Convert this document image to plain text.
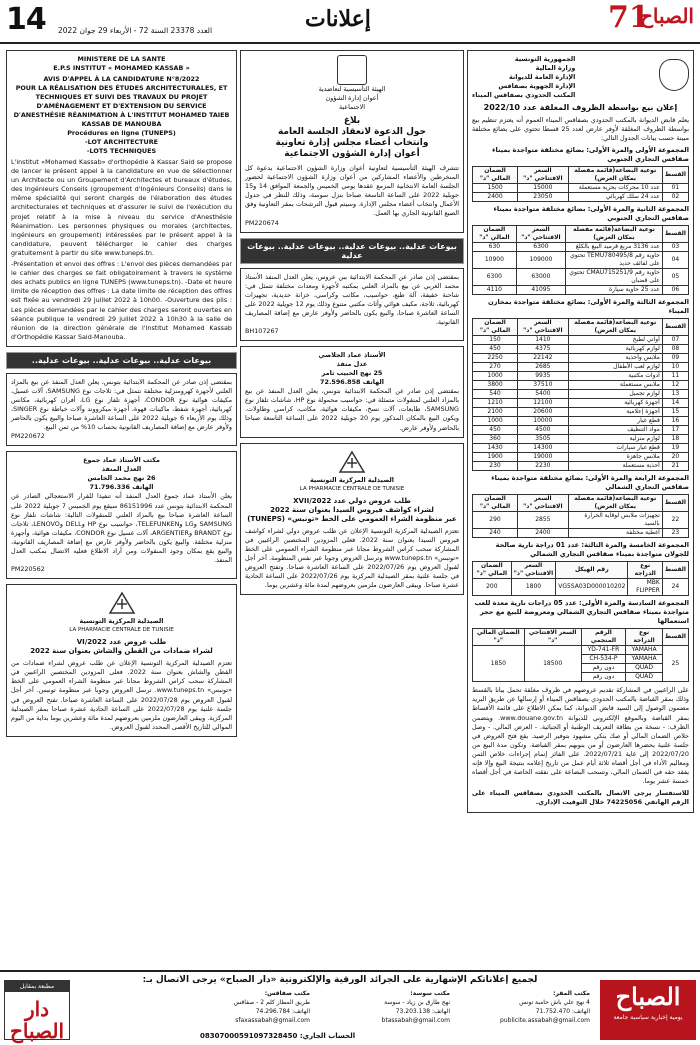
14 العدد 23378 السنة 72 - الأربعاء 29 جوان 2022	إعلانات	71
الصباح
الجمهورية التونسية
وزارة المالية
الإدارة العامة للديوانة
الإدارة الجهوية بصفاقس
المكتب الحدودي بصفاقس الميناء
إعلان بيع بواسطة الظروف المغلقة عدد 2022/10
يعلم قابض الديوانة بالمكتب الحدودي بصفاقس الميناء العموم أنه يعتزم تنظيم بيع بواسطة الظروف المغلقة لأوفر عارض لعدد 25 قسطا تحتوي على بضائع مختلفة مبينة حسب بيانات الجدول التالي:
المجموعة الأولى والمرة الأولى: بضائع مختلفة متواجدة بميناء صفاقس التجاري الجنوبي
القسط	نوعية البضاعة(قائمة مفصلة بمكان العرض)	السعر الافتتاحي "د"	الضمان المالي "د"
01	عدد 10 محركات بحرية مستعملة	15000	1500
02	عدد 24 سلك كهربائي	23050	2400
المجموعة الثانية والمرة الأولى: بضائع مختلفة متواجدة بميناء صفاقس التجاري الجنوبي
القسط	نوعية البضاعة(قائمة مفصلة بمكان العرض)	السعر الافتتاحي "د"	الضمان المالي "د"
03	عدد 3136 مربع قرميد البيع بالكلغ	6300	630
04	حاوية رقم TEMU780495/8 تحتوي على لفائف حديد	109000	10900
05	حاوية رقم CMAU715251/9 تحتوي على قضبان	63000	6300
06	عدد 25 حاوية سيارة	41095	4110
المجموعة الثالثة والمرة الأولى: بضائع مختلفة متواجدة بمخازن الميناء
القسط	نوعية البضاعة(قائمة مفصلة بمكان العرض)	السعر الافتتاحي "د"	الضمان المالي "د"
07	أواني لطبخ	1410	150
08	لوازم كهربائية	4375	450
09	ملابس وأحذية	22142	2250
10	لوازم لعب الأطفال	2685	270
11	أدوات مكتبية	9935	1000
12	ملابس مستعملة	37510	3800
13	لوازم تجميل	5400	540
14	أجهزة كهربائية	12100	1210
15	أجهزة إعلامية	20600	2100
16	قطع غيار	10000	1000
17	مواد التنظيف	4500	450
18	لوازم منزلية	3505	360
19	قطع غيار سيارات	14300	1430
20	ملابس جاهزة	19000	1900
21	أحذية مستعملة	2230	230
المجموعة الرابعة والمرة الأولى: بضائع مختلفة متواجدة بميناء صفاقس التجاري الشمالي
القسط	نوعية البضاعة(قائمة مفصلة بمكان العرض)	السعر الافتتاحي "د"	الضمان المالي "د"
22	تجهيزات ملابس لوقاية الحرارة بالسيد	2855	290
23	أغطية مختلفة	2400	240
المجموعة الخامسة والمرة الثالثة: عدد 01 دراجة نارية صالحة للجولان متواجدة بميناء صفاقس التجاري الشمالي
القسط	نوع الدراجة	رقم الهيكل	السعر الافتتاحي "د"	الضمان المالي "د"
24	MBK FLIPPER	VG5SA03D000010202	1800	200
المجموعة السادسة والمرة الأولى: عدد 05 دراجات نارية معدة للعب متواجدة بميناء صفاقس التجاري الشمالي ومعروضة للبيع مع حجر استعمالها
القسط	نوع الدراجة	الرقم المنجمي	السعر الافتتاحي "د"	الضمان المالي "د"
25	YAMAHA	YD-741-FR	18500	1850
	YAMAHA	CH-534-P		
	QUAD	دون رقم		
	QUAD	دون رقم		
على الراغبين في المشاركة تقديم عروضهم في ظروف مغلقة تحمل بيانا بالقسط وذلك بمقر القباضة بالمكتب الحدودي بصفاقس الميناء أو إرسالها عن طريق البريد مضمون الوصول إلى السيد قابض الديوانة، كما يمكن الاطلاع على قائمة الأقساط بمقر القباضة وبالموقع الإلكتروني للديوانة www.douane.gov.tn. ويتضمن الظرف: - نسخة من بطاقة التعريف الوطنية أو الجبائية. - العرض المالي. - وصل خلاص الضمان المالي أو صك بنكي مشهود بتوفير الرصيد. يقع فتح العروض في جلسة علنية يحضرها العارضون أو من ينوبهم بمقر القباضة. وتكون مدة البيع من 2022/07/20 إلى غاية 2022/07/21. على الفائز إتمام إجراءات خلاص الثمن ومعاليم الأداء في أجل أقصاه ثلاثة أيام عمل من تاريخ إعلامه بنتيجة البيع وإلا فإنه يفقد حقه في الضمان المالي، وتسحب البضاعة على نفقته الخاصة في أجل أقصاه خمسة عشر يوما.
للاستفسار يرجى الاتصال بالمكتب الحدودي بصفاقس الميناء على الرقم الهاتفي 74225056 خلال التوقيت الإداري.
الهيئة التأسيسية لتعاضدية
أعوان إدارة الشؤون
الاجتماعية
بلاغ
حول الدعوة لانعقاد الجلسة العامة
وانتخاب أعضاء مجلس إدارة تعاونية
أعوان إدارة الشؤون الاجتماعية
تتشرف الهيئة التأسيسية لتعاونية أعوان وزارة الشؤون الاجتماعية بدعوة كل المنخرطين والأعضاء المشاركين من أعوان وزارة الشؤون الاجتماعية لحضور الجلسة العامة الانتخابية المزمع عقدها يومي الخميس والجمعة الموافق 14 و15 جويلية 2022 على الساعة التاسعة صباحا بنزل سوسة، وذلك للنظر في جدول الأعمال وانتخاب أعضاء مجلس الإدارة. وسيتم قبول الترشحات بمقر التعاونية وفق الصيغ القانونية الجاري بها العمل.
PM220674
بيوعات عدلية.. بيوعات عدلية.. بيوعات عدلية.. بيوعات عدلية
بمقتضى إذن صادر عن المحكمة الابتدائية ببن عروس، يعلن العدل المنفذ الأستاذ محمد الغربي عن بيع بالمزاد العلني بمكتبه لأجهزة ومعدات مختلفة تتمثل في: شاحنة خفيفة، آلة طبع، حواسيب، مكاتب وكراسي، خزانة حديدية، تجهيزات كهربائية، ثلاجة، مكيف هوائي وأثاث مكتبي متنوع وذلك يوم 12 جويلية 2022 على الساعة العاشرة صباحا، والبيع يكون بالحاضر ولأوفر عارض مع إضافة المصاريف القانونية.
BH107267
الأستاذ عماد الجلاصي
عدل منفذ
25 نهج الحبيب ثامر
الهاتف 72.596.858
بمقتضى إذن صادر عن المحكمة الابتدائية بتونس، يعلن العدل المنفذ عن بيع بالمزاد العلني لمنقولات متمثلة في: حواسيب محمولة نوع HP، شاشات تلفاز نوع SAMSUNG، طابعات، آلات نسخ، مكيفات هوائية، مكاتب، كراسي وطاولات. ويكون البيع بالمكان المذكور يوم 20 جويلية 2022 على الساعة التاسعة صباحا بالحاضر ولأوفر عارض.
الصيدلية المركزية التونسية
LA PHARMACIE CENTRALE DE TUNISIE
طلب عروض دولي عدد 2022/XVII
لشراء كواشف فيروس السيدا بعنوان سنة 2022
عبر منظومة الشراء العمومي على الخط «تونبس» (TUNEPS)
تعتزم الصيدلية المركزية التونسية الإعلان عن طلب عروض دولي لشراء كواشف فيروس السيدا بعنوان سنة 2022. فعلى المزودين المختصين الراغبين في المشاركة سحب كراس الشروط مجانا عبر منظومة الشراء العمومي على الخط «تونبس» www.tuneps.tn وترسل العروض وجوبا عبر نفس المنظومة. آخر أجل لقبول العروض يوم 2022/07/26 على الساعة العاشرة صباحا. وتفتح العروض في جلسة علنية بمقر الصيدلية المركزية يوم 2022/07/26 على الساعة الحادية عشرة صباحا. ويبقى العارضون ملزمين بعروضهم لمدة مائة وعشرين يوما.
MINISTERE DE LA SANTE
E.P.S INSTITUT « MOHAMED KASSAB »
AVIS D'APPEL À LA CANDIDATURE N°8/2022
POUR LA RÉALISATION DES ÉTUDES ARCHITECTURALES, ET TECHNIQUES ET SUIVI DES TRAVAUX DU PROJET D'AMÉNAGEMENT ET D'EXTENSION DU SERVICE D'ANESTHÉSIE RÉANIMATION À L'INSTITUT MOHAMED TAIEB KASSAB DE MANOUBA
Procédures en ligne (TUNEPS)
-LOT ARCHITECTURE
-LOTS TECHNIQUES
L'institut «Mohamed Kassab» d'orthopédie à Kassar Said se propose de lancer le présent appel à la candidature en vue de sélectionner un Architecte ou un Groupement d'Architectes et bureaux d'études, des Ingénieurs Conseils (groupement d'Ingénieurs Conseils) dans le même spécialité qui seront chargés de l'élaboration des études architecturales et techniques et d'assurer le suivi de l'exécution du projet relatif à la mise à niveau du service d'Anesthésie Réanimation. Les personnes physiques ou morales (architectes, ingénieurs en groupement) intéressées par le présent appel à la candidature, peuvent télécharger le cahier des charges gratuitement à partir du site www.tuneps.tn.
-Présentation et envoi des offres : L'envoi des pièces demandées par le cahier des charges se fait obligatoirement à travers le système des achats publics en ligne TUNEPS (www.tuneps.tn). -Date et heure limite de réception des offres : La date limite de réception des offres est fixée au vendredi 29 juillet 2022 à 10h00. -Ouverture des plis : Les pièces demandées par le cahier des charges seront ouvertes en séance publique le vendredi 29 juillet 2022 à 10h30 à la salle de réunion de la direction générale de l'Institut Mohamed Kassab d'Orthopédie Kassar Said-Manouba.
بيوعات عدلية.. بيوعات عدلية.. بيوعات عدلية..
بمقتضى إذن صادر عن المحكمة الابتدائية بتونس، يعلن العدل المنفذ عن بيع بالمزاد العلني لأجهزة كهرومنزلية مختلفة تتمثل في: ثلاجات نوع SAMSUNG، آلات غسيل، مكيفات هوائية نوع CONDOR، أجهزة تلفاز نوع LG، أفران كهربائية، مكانس كهربائية، أجهزة شفط، ماكينات قهوة، أجهزة ميكرووند وآلات خياطة نوع SINGER، وذلك يوم الأربعاء 6 جويلية 2022 على الساعة العاشرة صباحا والبيع يكون بالحاضر ولأوفر عارض مع إضافة المصاريف القانونية بحساب 10% من ثمن البيع.
PM220672
مكتب الأستاذ عماد جموع
العدل المنفذ
26 نهج محمد الخامس
الهاتف 71.796.336
يعلن الأستاذ عماد جموع العدل المنفذ أنه تنفيذا للقرار الاستعجالي الصادر عن المحكمة الابتدائية بتونس عدد 86151996 سيقع يوم الخميس 7 جويلية 2022 على الساعة العاشرة صباحا بيع بالمزاد العلني للمنقولات التالية: شاشات تلفاز نوع SAMSUNG وLG وTELEFUNKEN، حواسيب نوع HP وDELL وLENOVO، ثلاجات نوع BRANDT وARGENTIER، آلات غسيل نوع CONDOR، مكيفات هوائية، وأجهزة منزلية مختلفة. والبيع يكون بالحاضر ولأوفر عارض مع إضافة المصاريف القانونية، والبيع يقع بمكان وجود المنقولات ومن أراد الاطلاع فعليه الاتصال بمكتب العدل المنفذ.
PM220562
الصيدلية المركزية التونسية
LA PHARMACIE CENTRALE DE TUNISIE
طلب عروض عدد 2022/VI
لشراء ضمادات من القطن والشاش بعنوان سنة 2022
تعتزم الصيدلية المركزية التونسية الإعلان عن طلب عروض لشراء ضمادات من القطن والشاش بعنوان سنة 2022. فعلى المزودين المختصين الراغبين في المشاركة سحب كراس الشروط مجانا عبر منظومة الشراء العمومي على الخط «تونبس» www.tuneps.tn. ترسل العروض وجوبا عبر منظومة تونبس. آخر أجل لقبول العروض يوم 2022/07/28 على الساعة العاشرة صباحا. تفتح العروض في جلسة علنية يوم 2022/07/28 على الساعة الحادية عشرة صباحا بمقر الصيدلية المركزية. ويبقى العارضون ملزمين بعروضهم لمدة مائة وعشرين يوما بداية من اليوم الموالي للتاريخ الأقصى المحدد لقبول العروض.
لجميع إعلاناتكم الإشهارية على الجرائد الورقية والإلكترونية «دار الصباح» يرجى الاتصال بـ:
الصباح
يومية إخبارية سياسية جامعة
مكتب المقر:
4 نهج علي باش حامبة تونس
الهاتف: 71.752.470
publicite.assabah@gmail.com
مكتب سوسة:
نهج طارق بن زياد - سوسة
الهاتف: 73.203.138
btassabah@gmail.com
مكتب صفاقس:
طريق المطار كلم 2 - صفاقس
الهاتف: 74.296.784
sfaxassabah@gmail.com
الحساب الجاري: 08307000591097328450
مطبعة بمقابل
دار الصباح
